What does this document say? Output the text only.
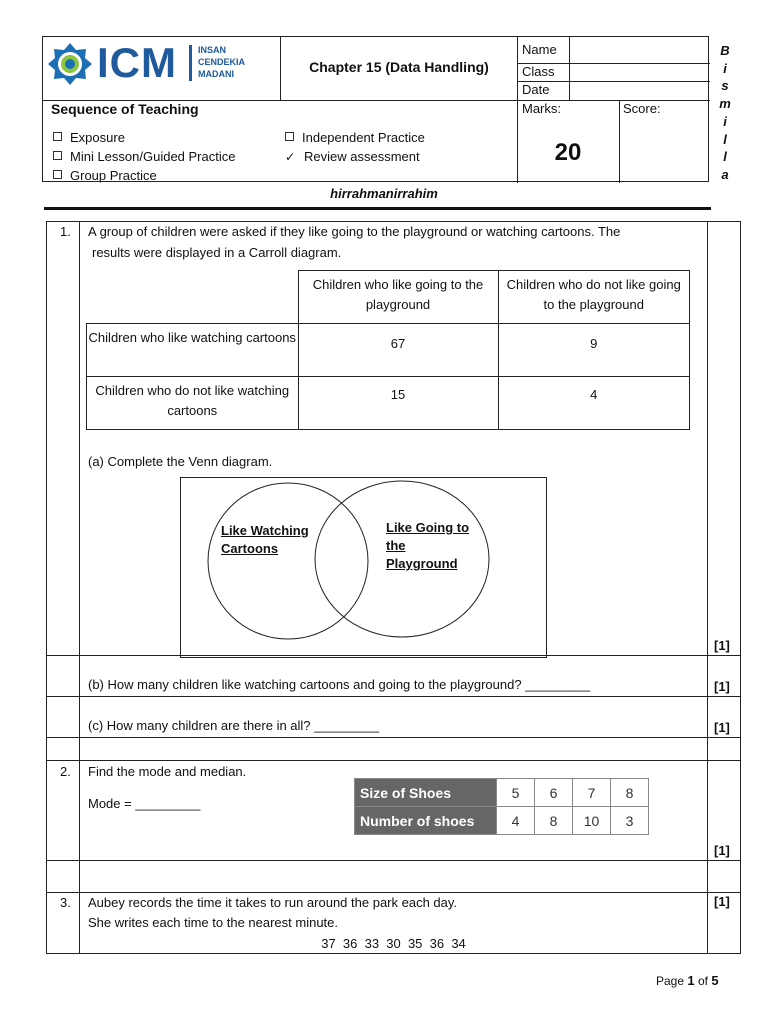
ICM INSAN
CENDEKIA
MADANI	Chapter 15 (Data Handling)
Name
Class
Date
Sequence of Teaching
Exposure
Mini Lesson/Guided Practice
Group Practice
Independent Practice
✓ Review assessment
Marks:	Score:
20
B
i
s
m
i
l
l
a
hirrahmanirrahim
1. A group of children were asked if they like going to the playground or watching cartoons. The
results were displayed in a Carroll diagram.
	Children who like going to the playground	Children who do not like going to the playground
Children who like watching cartoons	67	9
Children who do not like watching cartoons	15	4
(a) Complete the Venn diagram.
Like Watching Cartoons
Like Going to the Playground
[1]
(b) How many children like watching cartoons and going to the playground? _________	[1]
(c) How many children are there in all? _________	[1]
2. Find the mode and median.
Mode = _________
Size of Shoes	5	6	7	8
Number of shoes	4	8	10	3
[1]
3. Aubey records the time it takes to run around the park each day.
She writes each time to the nearest minute.
37  36  33  30  35  36  34
[1]
Page 1 of 5
